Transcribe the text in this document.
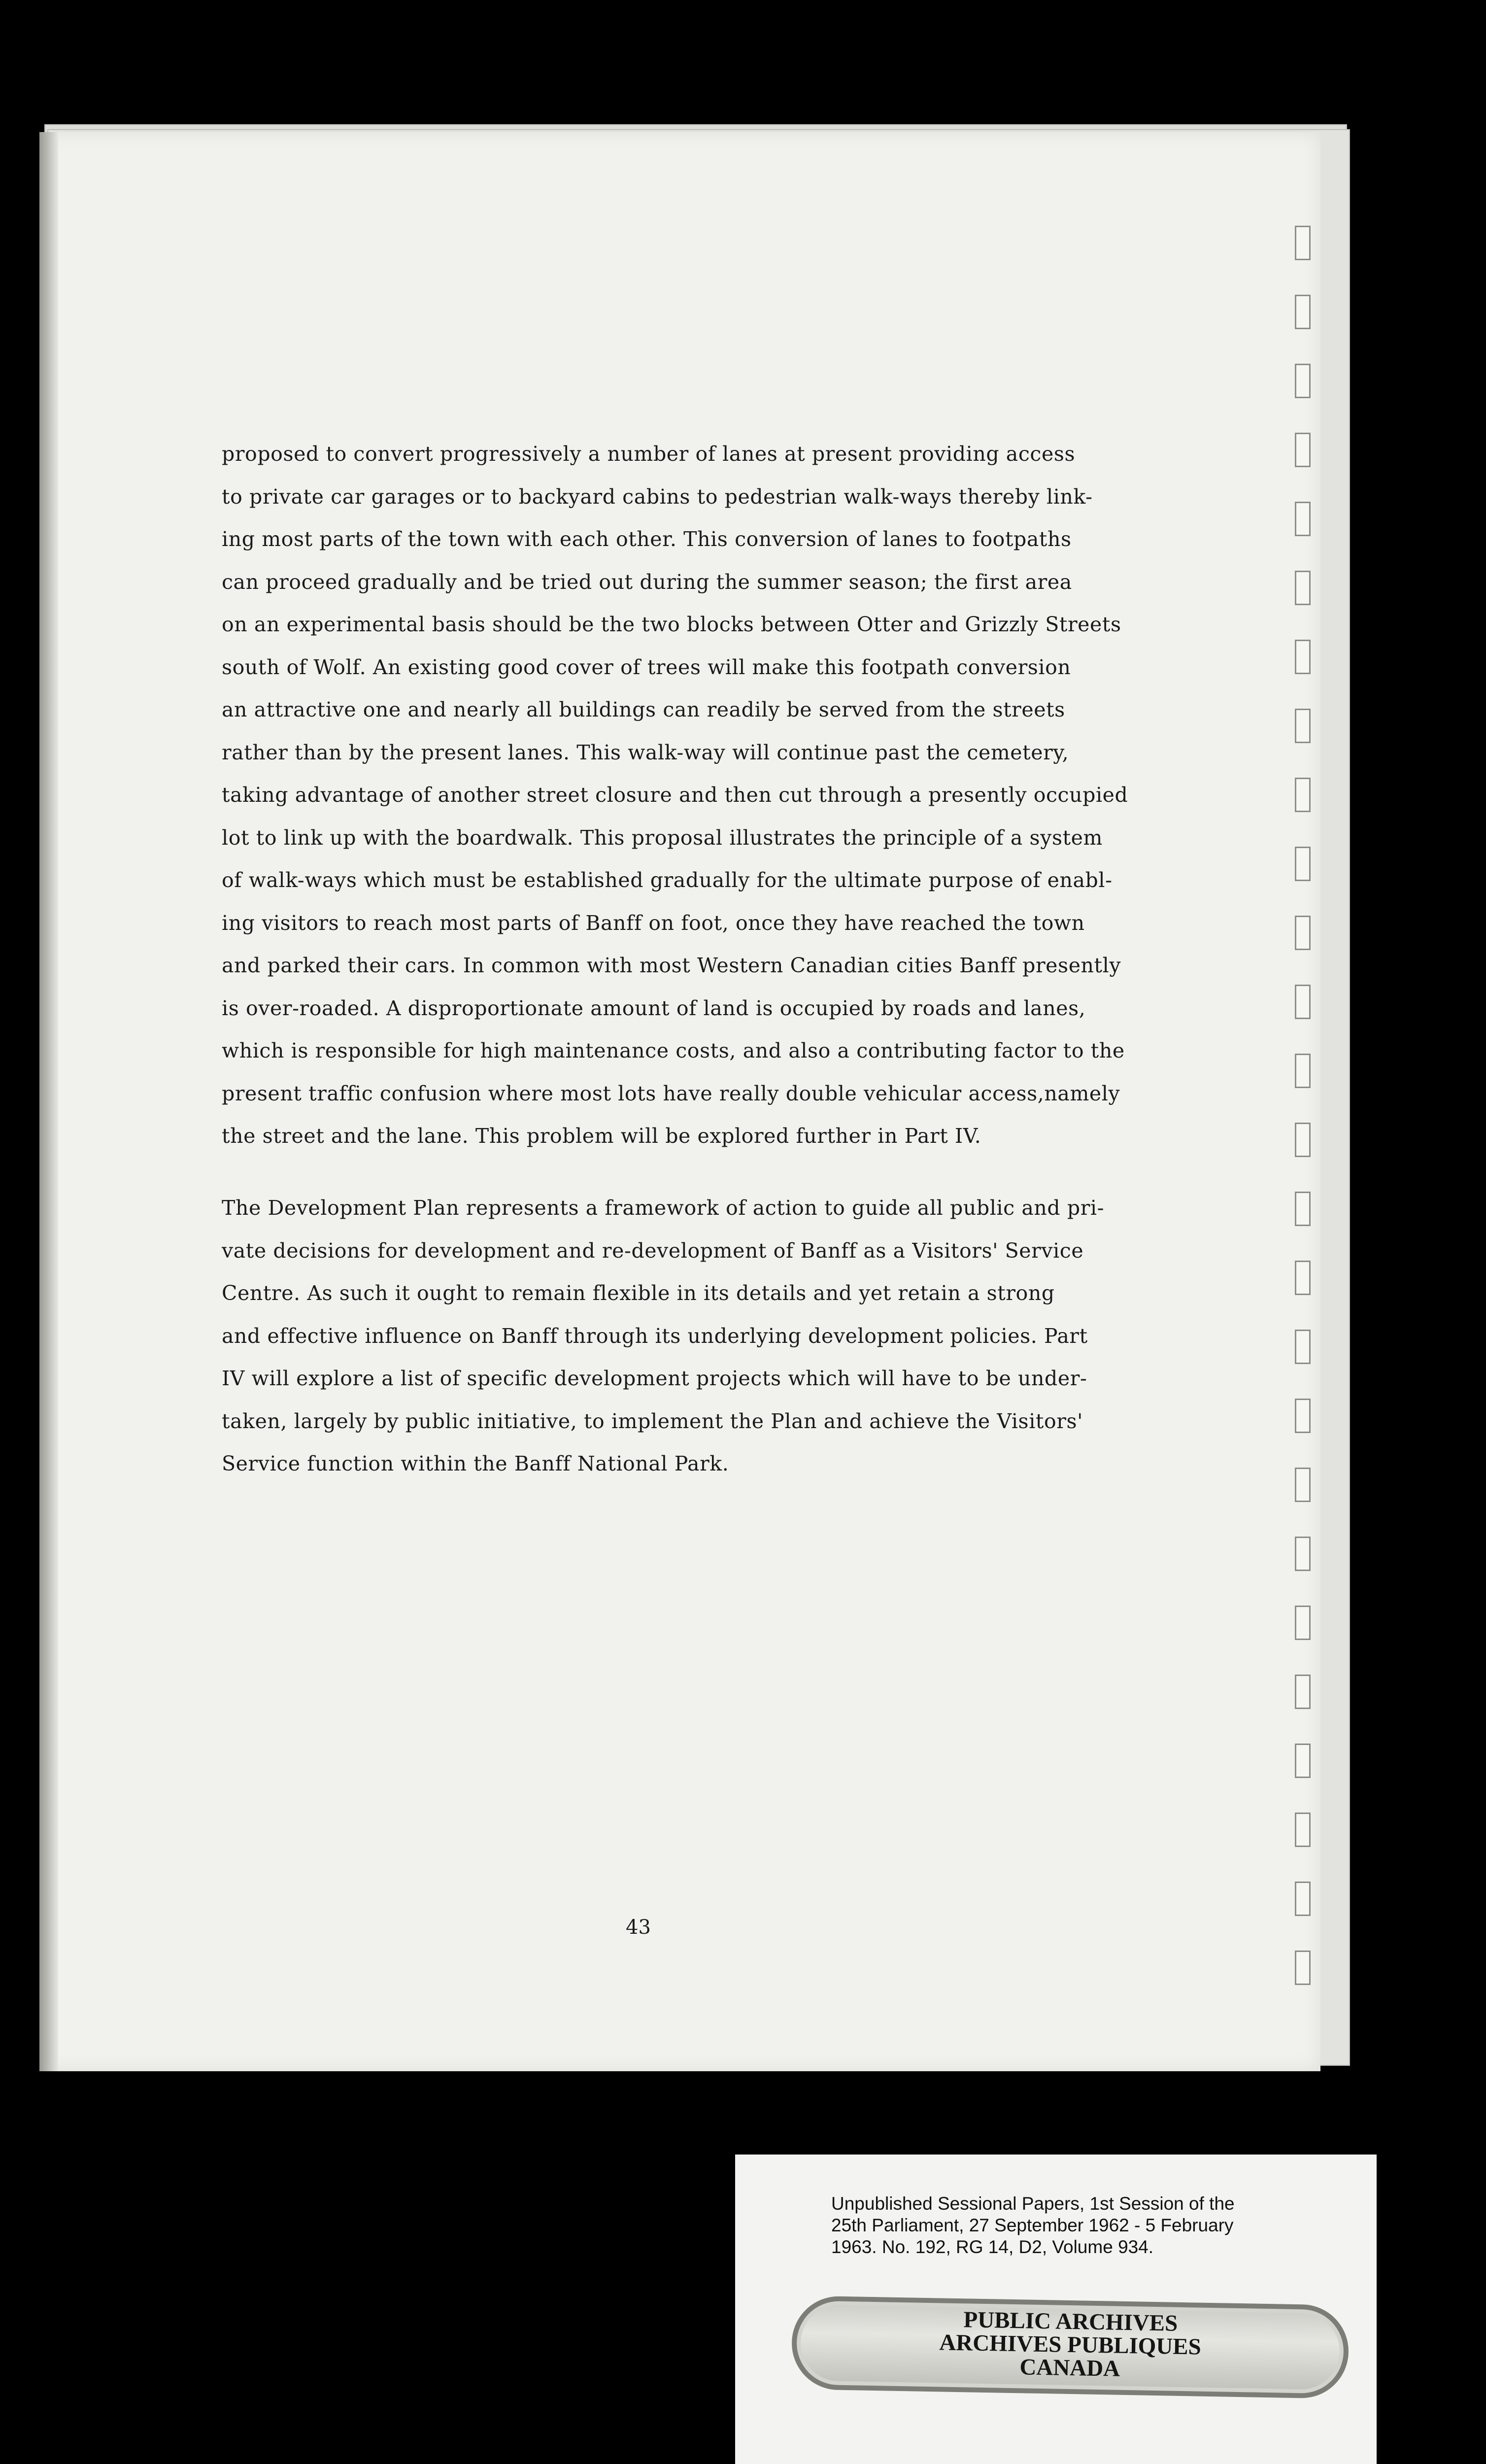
proposed to convert progressively a number of lanes at present providing access
to private car garages or to backyard cabins to pedestrian walk-ways thereby link-
ing most parts of the town with each other. This conversion of lanes to footpaths
can proceed gradually and be tried out during the summer season; the first area
on an experimental basis should be the two blocks between Otter and Grizzly Streets
south of Wolf. An existing good cover of trees will make this footpath conversion
an attractive one and nearly all buildings can readily be served from the streets
rather than by the present lanes. This walk-way will continue past the cemetery,
taking advantage of another street closure and then cut through a presently occupied
lot to link up with the boardwalk. This proposal illustrates the principle of a system
of walk-ways which must be established gradually for the ultimate purpose of enabl-
ing visitors to reach most parts of Banff on foot, once they have reached the town
and parked their cars. In common with most Western Canadian cities Banff presently
is over-roaded. A disproportionate amount of land is occupied by roads and lanes,
which is responsible for high maintenance costs, and also a contributing factor to the
present traffic confusion where most lots have really double vehicular access,namely
the street and the lane. This problem will be explored further in Part IV.
The Development Plan represents a framework of action to guide all public and pri-
vate decisions for development and re-development of Banff as a Visitors' Service
Centre. As such it ought to remain flexible in its details and yet retain a strong
and effective influence on Banff through its underlying development policies. Part
IV will explore a list of specific development projects which will have to be under-
taken, largely by public initiative, to implement the Plan and achieve the Visitors'
Service function within the Banff National Park.
43
Unpublished Sessional Papers, 1st Session of the
25th Parliament, 27 September 1962 - 5 February
1963. No. 192, RG 14, D2, Volume 934.
PUBLIC ARCHIVES
ARCHIVES PUBLIQUES
CANADA
